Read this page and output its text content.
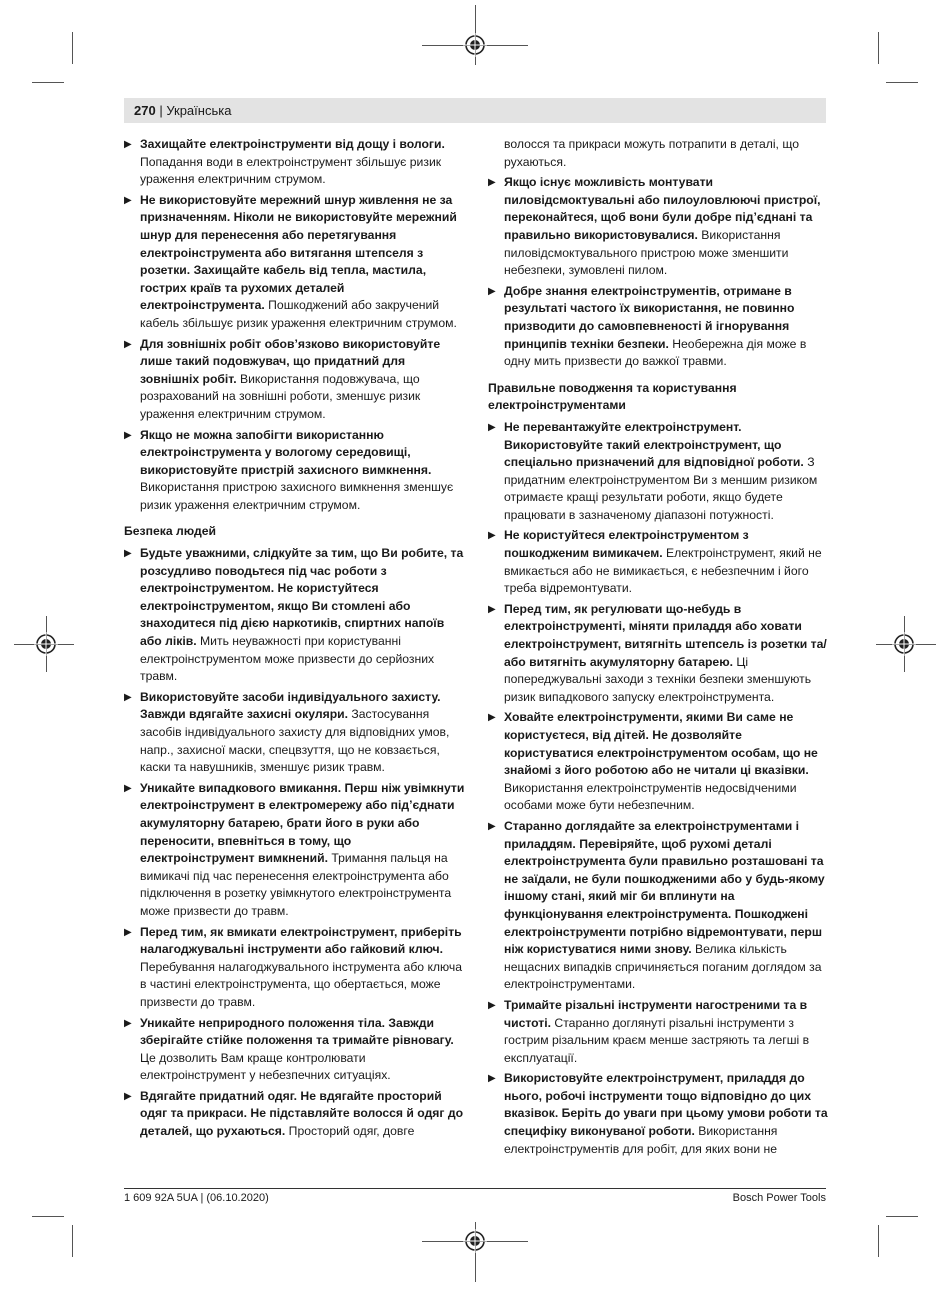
270 | Українська
▶ Захищайте електроінструменти від дощу і вологи. Попадання води в електроінструмент збільшує ризик ураження електричним струмом.
▶ Не використовуйте мережний шнур живлення не за призначенням. Ніколи не використовуйте мережний шнур для перенесення або перетягування електроінструмента або витягання штепселя з розетки. Захищайте кабель від тепла, мастила, гострих країв та рухомих деталей електроінструмента. Пошкоджений або закручений кабель збільшує ризик ураження електричним струмом.
▶ Для зовнішніх робіт обов’язково використовуйте лише такий подовжувач, що придатний для зовнішніх робіт. Використання подовжувача, що розрахований на зовнішні роботи, зменшує ризик ураження електричним струмом.
▶ Якщо не можна запобігти використанню електроінструмента у вологому середовищі, використовуйте пристрій захисного вимкнення. Використання пристрою захисного вимкнення зменшує ризик ураження електричним струмом.
Безпека людей
▶ Будьте уважними, слідкуйте за тим, що Ви робите, та розсудливо поводьтеся під час роботи з електроінструментом. Не користуйтеся електроінструментом, якщо Ви стомлені або знаходитеся під дією наркотиків, спиртних напоїв або ліків. Мить неуважності при користуванні електроінструментом може призвести до серйозних травм.
▶ Використовуйте засоби індивідуального захисту. Завжди вдягайте захисні окуляри. Застосування засобів індивідуального захисту для відповідних умов, напр., захисної маски, спецвзуття, що не ковзається, каски та навушників, зменшує ризик травм.
▶ Уникайте випадкового вмикання. Перш ніж увімкнути електроінструмент в електромережу або під’єднати акумуляторну батарею, брати його в руки або переносити, впевніться в тому, що електроінструмент вимкнений. Тримання пальця на вимикачі під час перенесення електроінструмента або підключення в розетку увімкнутого електроінструмента може призвести до травм.
▶ Перед тим, як вмикати електроінструмент, приберіть налагоджувальні інструменти або гайковий ключ. Перебування налагоджувального інструмента або ключа в частині електроінструмента, що обертається, може призвести до травм.
▶ Уникайте неприродного положення тіла. Завжди зберігайте стійке положення та тримайте рівновагу. Це дозволить Вам краще контролювати електроінструмент у небезпечних ситуаціях.
▶ Вдягайте придатний одяг. Не вдягайте просторий одяг та прикраси. Не підставляйте волосся й одяг до деталей, що рухаються. Просторий одяг, довге
волосся та прикраси можуть потрапити в деталі, що рухаються.
▶ Якщо існує можливість монтувати пиловідсмоктувальні або пилоуловлюючі пристрої, переконайтеся, щоб вони були добре під’єднані та правильно використовувалися. Використання пиловідсмоктувального пристрою може зменшити небезпеки, зумовлені пилом.
▶ Добре знання електроінструментів, отримане в результаті частого їх використання, не повинно призводити до самовпевненості й ігнорування принципів техніки безпеки. Необережна дія може в одну мить призвести до важкої травми.
Правильне поводження та користування електроінструментами
▶ Не перевантажуйте електроінструмент. Використовуйте такий електроінструмент, що спеціально призначений для відповідної роботи. З придатним електроінструментом Ви з меншим ризиком отримаєте кращі результати роботи, якщо будете працювати в зазначеному діапазоні потужності.
▶ Не користуйтеся електроінструментом з пошкодженим вимикачем. Електроінструмент, який не вмикається або не вимикається, є небезпечним і його треба відремонтувати.
▶ Перед тим, як регулювати що-небудь в електроінструменті, міняти приладдя або ховати електроінструмент, витягніть штепсель із розетки та/або витягніть акумуляторну батарею. Ці попереджувальні заходи з техніки безпеки зменшують ризик випадкового запуску електроінструмента.
▶ Ховайте електроінструменти, якими Ви саме не користуєтеся, від дітей. Не дозволяйте користуватися електроінструментом особам, що не знайомі з його роботою або не читали ці вказівки. Використання електроінструментів недосвідченими особами може бути небезпечним.
▶ Старанно доглядайте за електроінструментами і приладдям. Перевіряйте, щоб рухомі деталі електроінструмента були правильно розташовані та не заїдали, не були пошкодженими або у будь-якому іншому стані, який міг би вплинути на функціонування електроінструмента. Пошкоджені електроінструменти потрібно відремонтувати, перш ніж користуватися ними знову. Велика кількість нещасних випадків спричиняється поганим доглядом за електроінструментами.
▶ Тримайте різальні інструменти нагостреними та в чистоті. Старанно доглянуті різальні інструменти з гострим різальним краєм менше застряють та легші в експлуатації.
▶ Використовуйте електроінструмент, приладдя до нього, робочі інструменти тощо відповідно до цих вказівок. Беріть до уваги при цьому умови роботи та специфіку виконуваної роботи. Використання електроінструментів для робіт, для яких вони не
1 609 92A 5UA | (06.10.2020)	Bosch Power Tools
